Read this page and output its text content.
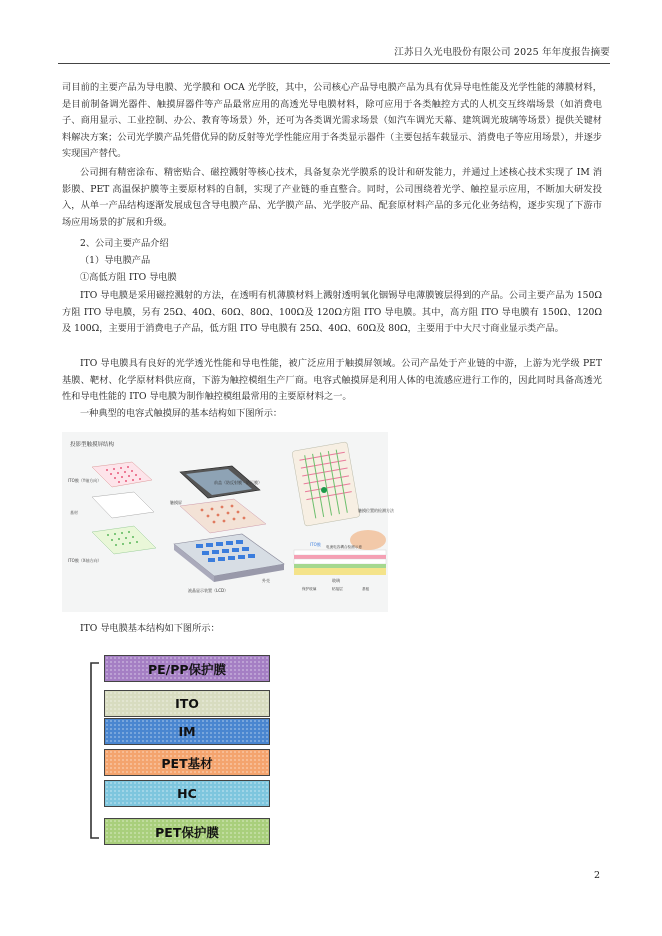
江苏日久光电股份有限公司 2025 年年度报告摘要
司目前的主要产品为导电膜、光学膜和 OCA 光学胶，其中，公司核心产品导电膜产品为具有优异导电性能及光学性能的薄膜材料，是目前制备调光器件、触摸屏器件等产品最常应用的高透光导电膜材料，除可应用于各类触控方式的人机交互终端场景（如消费电子、商用显示、工业控制、办公、教育等场景）外，还可为各类调光需求场景（如汽车调光天幕、建筑调光玻璃等场景）提供关键材料解决方案；公司光学膜产品凭借优异的防反射等光学性能应用于各类显示器件（主要包括车载显示、消费电子等应用场景），并逐步实现国产替代。
公司拥有精密涂布、精密贴合、磁控溅射等核心技术，具备复杂光学膜系的设计和研发能力，并通过上述核心技术实现了 IM 消影膜、PET 高温保护膜等主要原材料的自制，实现了产业链的垂直整合。同时，公司围绕着光学、触控显示应用，不断加大研发投入，从单一产品结构逐渐发展成包含导电膜产品、光学膜产品、光学胶产品、配套原材料产品的多元化业务结构，逐步实现了下游市场应用场景的扩展和升级。
2、公司主要产品介绍
（1）导电膜产品
①高低方阻 ITO 导电膜
ITO 导电膜是采用磁控溅射的方法，在透明有机薄膜材料上溅射透明氧化铟锡导电薄膜镀层得到的产品。公司主要产品为 150Ω方阻 ITO 导电膜，另有 25Ω、40Ω、60Ω、80Ω、100Ω及 120Ω方阻 ITO 导电膜。其中，高方阻 ITO 导电膜有 150Ω、120Ω及 100Ω，主要用于消费电子产品，低方阻 ITO 导电膜有 25Ω、40Ω、60Ω及 80Ω，主要用于中大尺寸商业显示类产品。
ITO 导电膜具有良好的光学透光性能和导电性能，被广泛应用于触摸屏领域。公司产品处于产业链的中游，上游为光学级 PET 基膜、靶材、化学原材料供应商，下游为触控模组生产厂商。电容式触摸屏是利用人体的电流感应进行工作的，因此同时具备高透光性和导电性能的 ITO 导电膜为制作触控模组最常用的主要原材料之一。
一种典型的电容式触摸屏的基本结构如下图所示：
投影型触摸屏结构
ITO膜（Y轴方向）
基材
ITO膜（X轴方向）
前盖（防反射膜・防污膜）
触摸屏
液晶显示装置（LCD）
外壳
触摸位置的检测方法
ITO膜 电流电容耦合检测示意
玻璃
保护玻璃	粘接层	基板
ITO 导电膜基本结构如下图所示：
PE/PP保护膜
ITO
IM
PET基材
HC
PET保护膜
2
